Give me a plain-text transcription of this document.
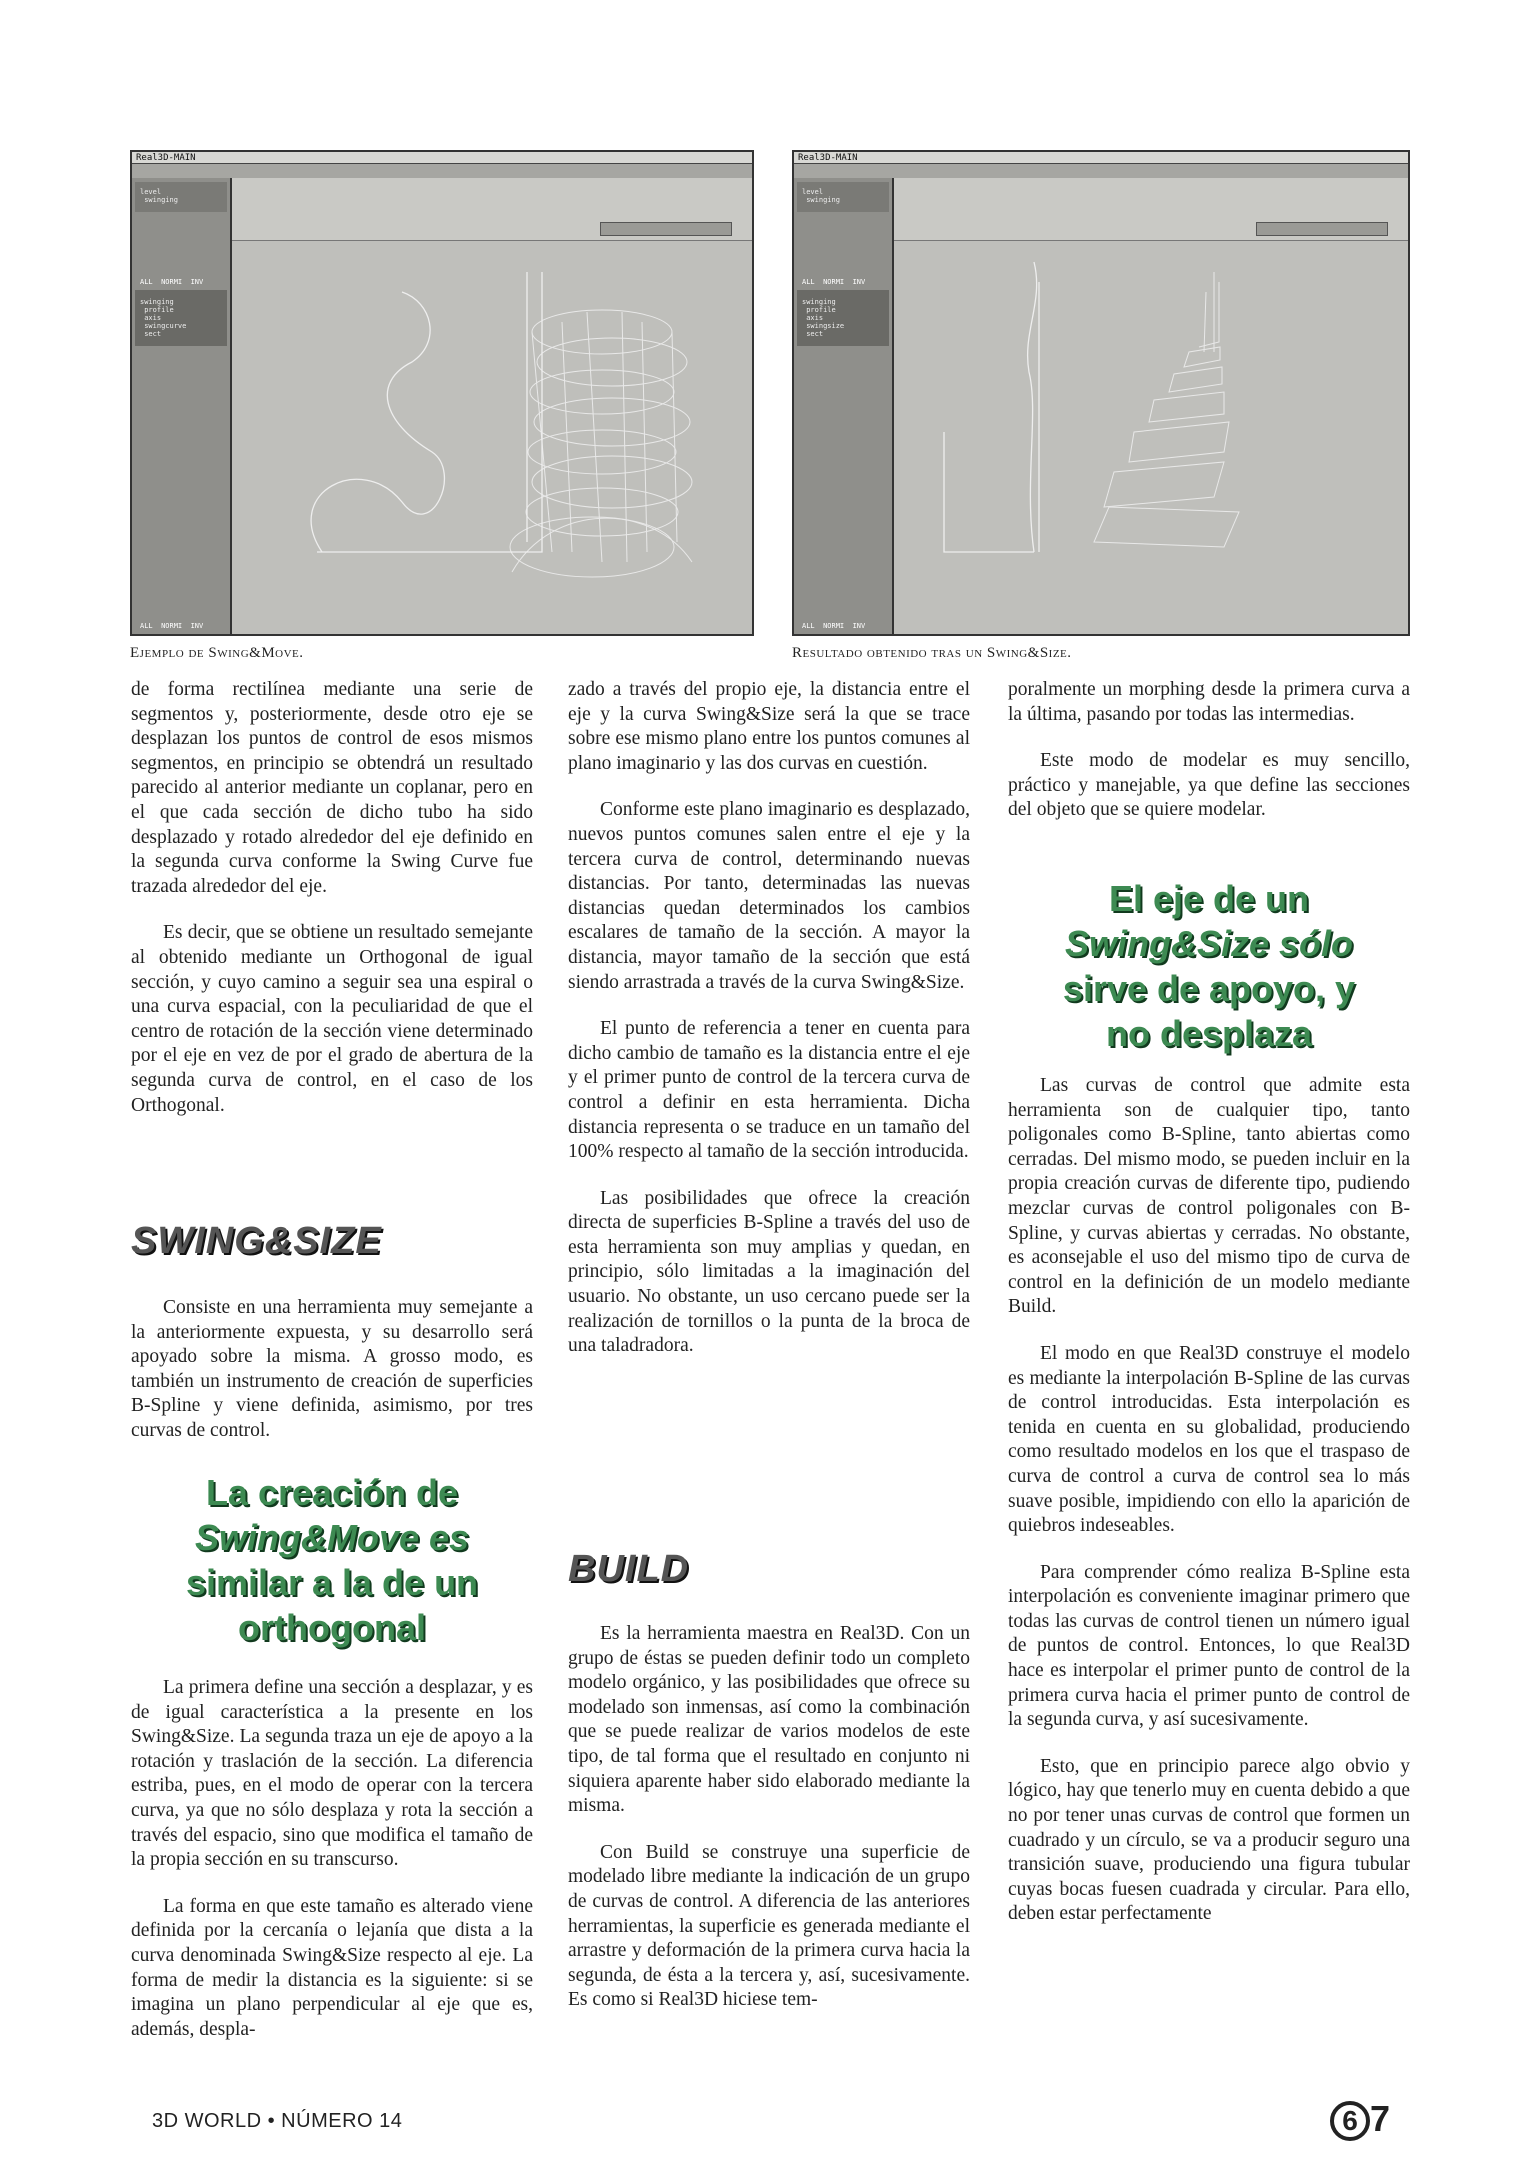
Real3D-MAIN
level
swinging
ALL  NORMI  INV
swinging
profile
axis
swingcurve
sect
ALL  NORMI  INV
Ejemplo de Swing&Move.
Real3D-MAIN
level
swinging
ALL  NORMI  INV
swinging
profile
axis
swingsize
sect
ALL  NORMI  INV
Resultado obtenido tras un Swing&Size.

de forma rectilínea mediante una serie de segmentos y, posteriormente, desde otro eje se desplazan los puntos de control de esos mismos segmentos, en principio se obtendrá un resultado parecido al anterior mediante un coplanar, pero en el que cada sección de dicho tubo ha sido desplazado y rotado alrededor del eje definido en la segunda curva conforme la Swing Curve fue trazada alrededor del eje.

Es decir, que se obtiene un resultado semejante al obtenido mediante un Orthogonal de igual sección, y cuyo camino a seguir sea una espiral o una curva espacial, con la peculiaridad de que el centro de rotación de la sección viene determinado por el eje en vez de por el grado de abertura de la segunda curva de control, en el caso de los Orthogonal.

SWING&SIZE

Consiste en una herramienta muy semejante a la anteriormente expuesta, y su desarrollo será apoyado sobre la misma. A grosso modo, es también un instrumento de creación de superficies B-Spline y viene definida, asimismo, por tres curvas de control.

La creación de
Swing&Move es
similar a la de un
orthogonal

La primera define una sección a desplazar, y es de igual característica a la presente en los Swing&Size. La segunda traza un eje de apoyo a la rotación y traslación de la sección. La diferencia estriba, pues, en el modo de operar con la tercera curva, ya que no sólo desplaza y rota la sección a través del espacio, sino que modifica el tamaño de la propia sección en su transcurso.

La forma en que este tamaño es alterado viene definida por la cercanía o lejanía que dista a la curva denominada Swing&Size respecto al eje. La forma de medir la distancia es la siguiente: si se imagina un plano perpendicular al eje que es, además, despla-

zado a través del propio eje, la distancia entre el eje y la curva Swing&Size será la que se trace sobre ese mismo plano entre los puntos comunes al plano imaginario y las dos curvas en cuestión.

Conforme este plano imaginario es desplazado, nuevos puntos comunes salen entre el eje y la tercera curva de control, determinando nuevas distancias. Por tanto, determinadas las nuevas distancias quedan determinados los cambios escalares de tamaño de la sección. A mayor la distancia, mayor tamaño de la sección que está siendo arrastrada a través de la curva Swing&Size.

El punto de referencia a tener en cuenta para dicho cambio de tamaño es la distancia entre el eje y el primer punto de control de la tercera curva de control a definir en esta herramienta. Dicha distancia representa o se traduce en un tamaño del 100% respecto al tamaño de la sección introducida.

Las posibilidades que ofrece la creación directa de superficies B-Spline a través del uso de esta herramienta son muy amplias y quedan, en principio, sólo limitadas a la imaginación del usuario. No obstante, un uso cercano puede ser la realización de tornillos o la punta de la broca de una taladradora.

BUILD

Es la herramienta maestra en Real3D. Con un grupo de éstas se pueden definir todo un completo modelo orgánico, y las posibilidades que ofrece su modelado son inmensas, así como la combinación que se puede realizar de varios modelos de este tipo, de tal forma que el resultado en conjunto ni siquiera aparente haber sido elaborado mediante la misma.

Con Build se construye una superficie de modelado libre mediante la indicación de un grupo de curvas de control. A diferencia de las anteriores herramientas, la superficie es generada mediante el arrastre y deformación de la primera curva hacia la segunda, de ésta a la tercera y, así, sucesivamente. Es como si Real3D hiciese tem-

poralmente un morphing desde la primera curva a la última, pasando por todas las intermedias.

Este modo de modelar es muy sencillo, práctico y manejable, ya que define las secciones del objeto que se quiere modelar.

El eje de un
Swing&Size sólo
sirve de apoyo, y
no desplaza

Las curvas de control que admite esta herramienta son de cualquier tipo, tanto poligonales como B-Spline, tanto abiertas como cerradas. Del mismo modo, se pueden incluir en la propia creación curvas de diferente tipo, pudiendo mezclar curvas de control poligonales con B-Spline, y curvas abiertas y cerradas. No obstante, es aconsejable el uso del mismo tipo de curva de control en la definición de un modelo mediante Build.

El modo en que Real3D construye el modelo es mediante la interpolación B-Spline de las curvas de control introducidas. Esta interpolación es tenida en cuenta en su globalidad, produciendo como resultado modelos en los que el traspaso de curva de control a curva de control sea lo más suave posible, impidiendo con ello la aparición de quiebros indeseables.

Para comprender cómo realiza B-Spline esta interpolación es conveniente imaginar primero que todas las curvas de control tienen un número igual de puntos de control. Entonces, lo que Real3D hace es interpolar el primer punto de control de la primera curva hacia el primer punto de control de la segunda curva, y así sucesivamente.

Esto, que en principio parece algo obvio y lógico, hay que tenerlo muy en cuenta debido a que no por tener unas curvas de control que formen un cuadrado y un círculo, se va a producir seguro una transición suave, produciendo una figura tubular cuyas bocas fuesen cuadrada y circular. Para ello, deben estar perfectamente

3D WORLD • NÚMERO 14	6 7
